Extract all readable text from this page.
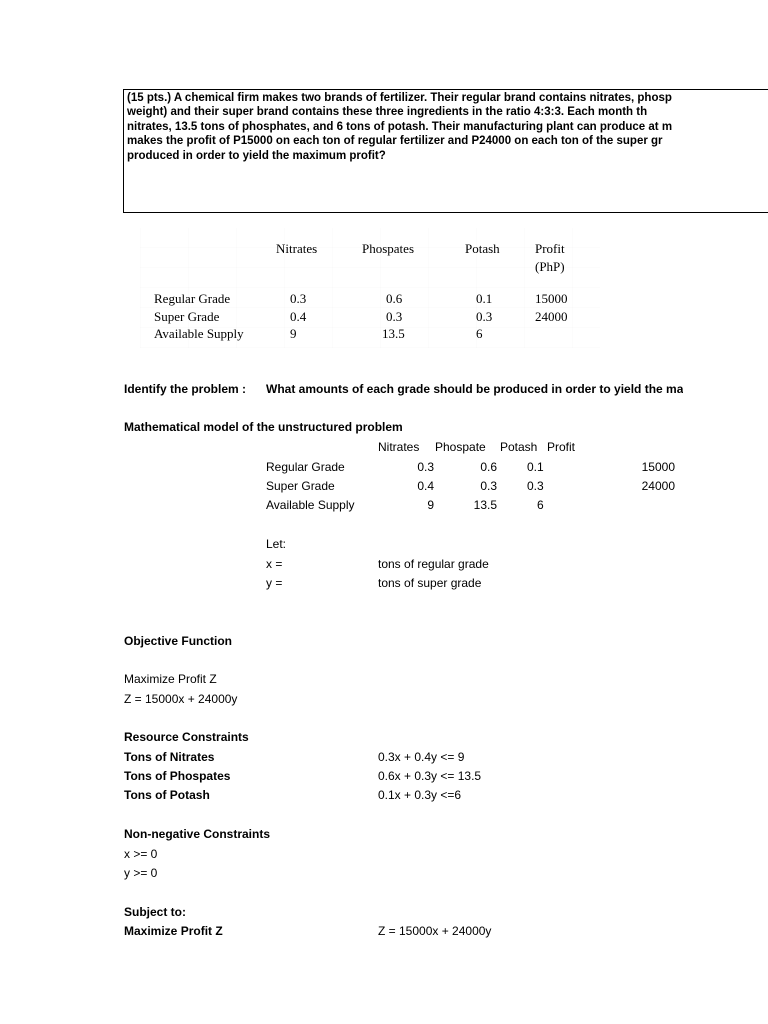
(15 pts.) A chemical firm makes two brands of fertilizer. Their regular brand contains nitrates, phosp
weight) and their super brand contains these three ingredients in the ratio 4:3:3. Each month th
nitrates, 13.5 tons of phosphates, and 6 tons of potash. Their manufacturing plant can produce at m
makes the profit of P15000 on each ton of regular fertilizer and P24000 on each ton of the super gr
produced in order to yield the maximum profit?
Nitrates	Phospates	Potash	Profit
(PhP)
Regular Grade	0.3	0.6	0.1	15000
Super Grade	0.4	0.3	0.3	24000
Available Supply	9	13.5	6
Identify the problem : What amounts of each grade should be produced in order to yield the ma
Mathematical model of the unstructured problem
Nitrates Phospate Potash Profit
Regular Grade	0.3	0.6	0.1	15000
Super Grade	0.4	0.3	0.3	24000
Available Supply	9	13.5	6
Let:
x =	tons of regular grade
y =	tons of super grade
Objective Function
Maximize Profit Z
Z = 15000x + 24000y
Resource Constraints
Tons of Nitrates	0.3x + 0.4y <= 9
Tons of Phospates	0.6x + 0.3y <= 13.5
Tons of Potash	0.1x + 0.3y <=6
Non-negative Constraints
x >= 0
y >= 0
Subject to:
Maximize Profit Z	Z = 15000x + 24000y
